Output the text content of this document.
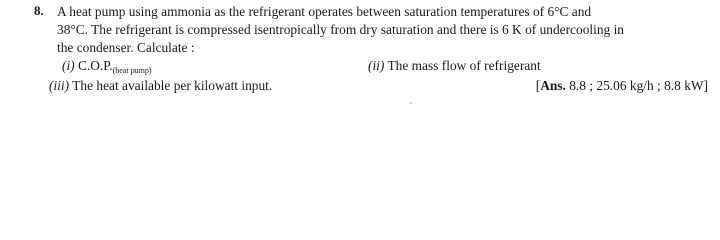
8. A heat pump using ammonia as the refrigerant operates between saturation temperatures of 6°C and
38°C. The refrigerant is compressed isentropically from dry saturation and there is 6 K of undercooling in
the condenser. Calculate :
(i) $C.O.P._{(heat pump)}$	(ii) The mass flow of refrigerant
(iii) The heat available per kilowatt input.	[Ans. 8.8 ; 25.06 kg/h ; 8.8 kW]
